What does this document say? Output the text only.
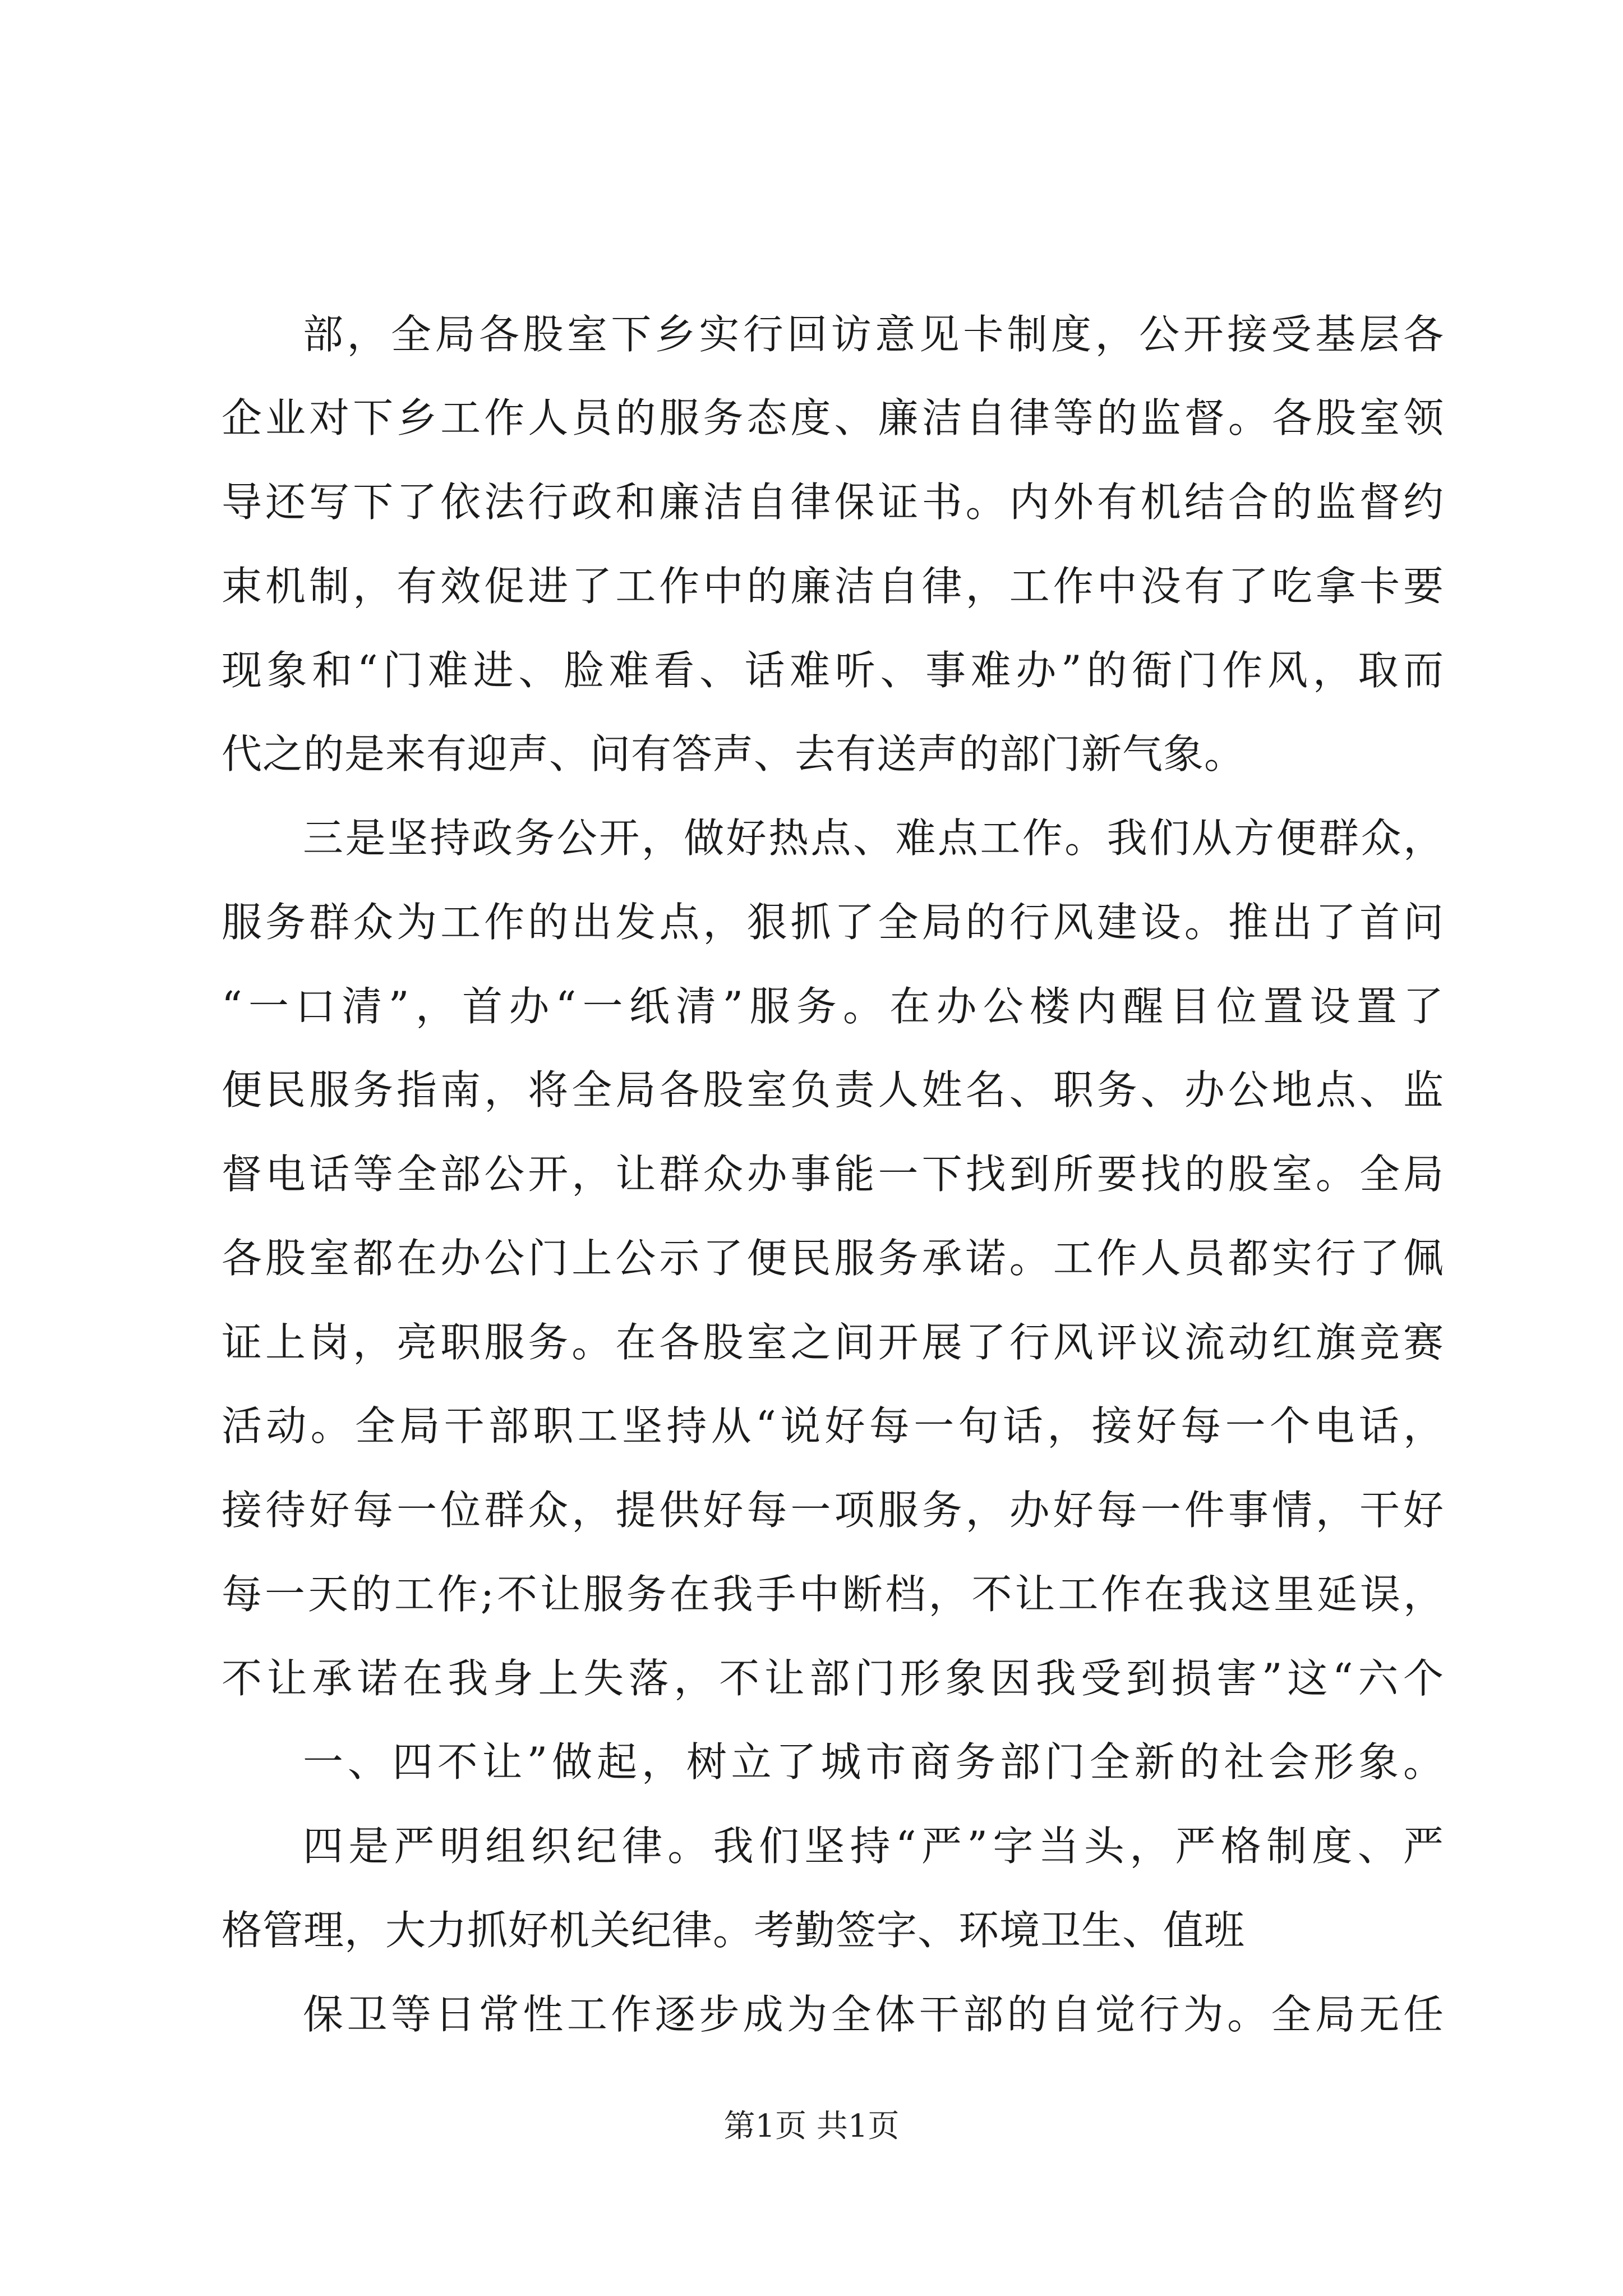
部，全局各股室下乡实行回访意见卡制度，公开接受基层各
企业对下乡工作人员的服务态度、廉洁自律等的监督。各股室领
导还写下了依法行政和廉洁自律保证书。内外有机结合的监督约
束机制，有效促进了工作中的廉洁自律，工作中没有了吃拿卡要
现象和“门难进、脸难看、话难听、事难办”的衙门作风，取而
代之的是来有迎声、问有答声、去有送声的部门新气象。
三是坚持政务公开，做好热点、难点工作。我们从方便群众，
服务群众为工作的出发点，狠抓了全局的行风建设。推出了首问
“一口清”，首办“一纸清”服务。在办公楼内醒目位置设置了
便民服务指南，将全局各股室负责人姓名、职务、办公地点、监
督电话等全部公开，让群众办事能一下找到所要找的股室。全局
各股室都在办公门上公示了便民服务承诺。工作人员都实行了佩
证上岗，亮职服务。在各股室之间开展了行风评议流动红旗竞赛
活动。全局干部职工坚持从“说好每一句话，接好每一个电话，
接待好每一位群众，提供好每一项服务，办好每一件事情，干好
每一天的工作;不让服务在我手中断档，不让工作在我这里延误，
不让承诺在我身上失落，不让部门形象因我受到损害”这“六个
一、四不让”做起，树立了城市商务部门全新的社会形象。
四是严明组织纪律。我们坚持“严”字当头，严格制度、严
格管理，大力抓好机关纪律。考勤签字、环境卫生、值班
保卫等日常性工作逐步成为全体干部的自觉行为。全局无任
第1页 共1页
